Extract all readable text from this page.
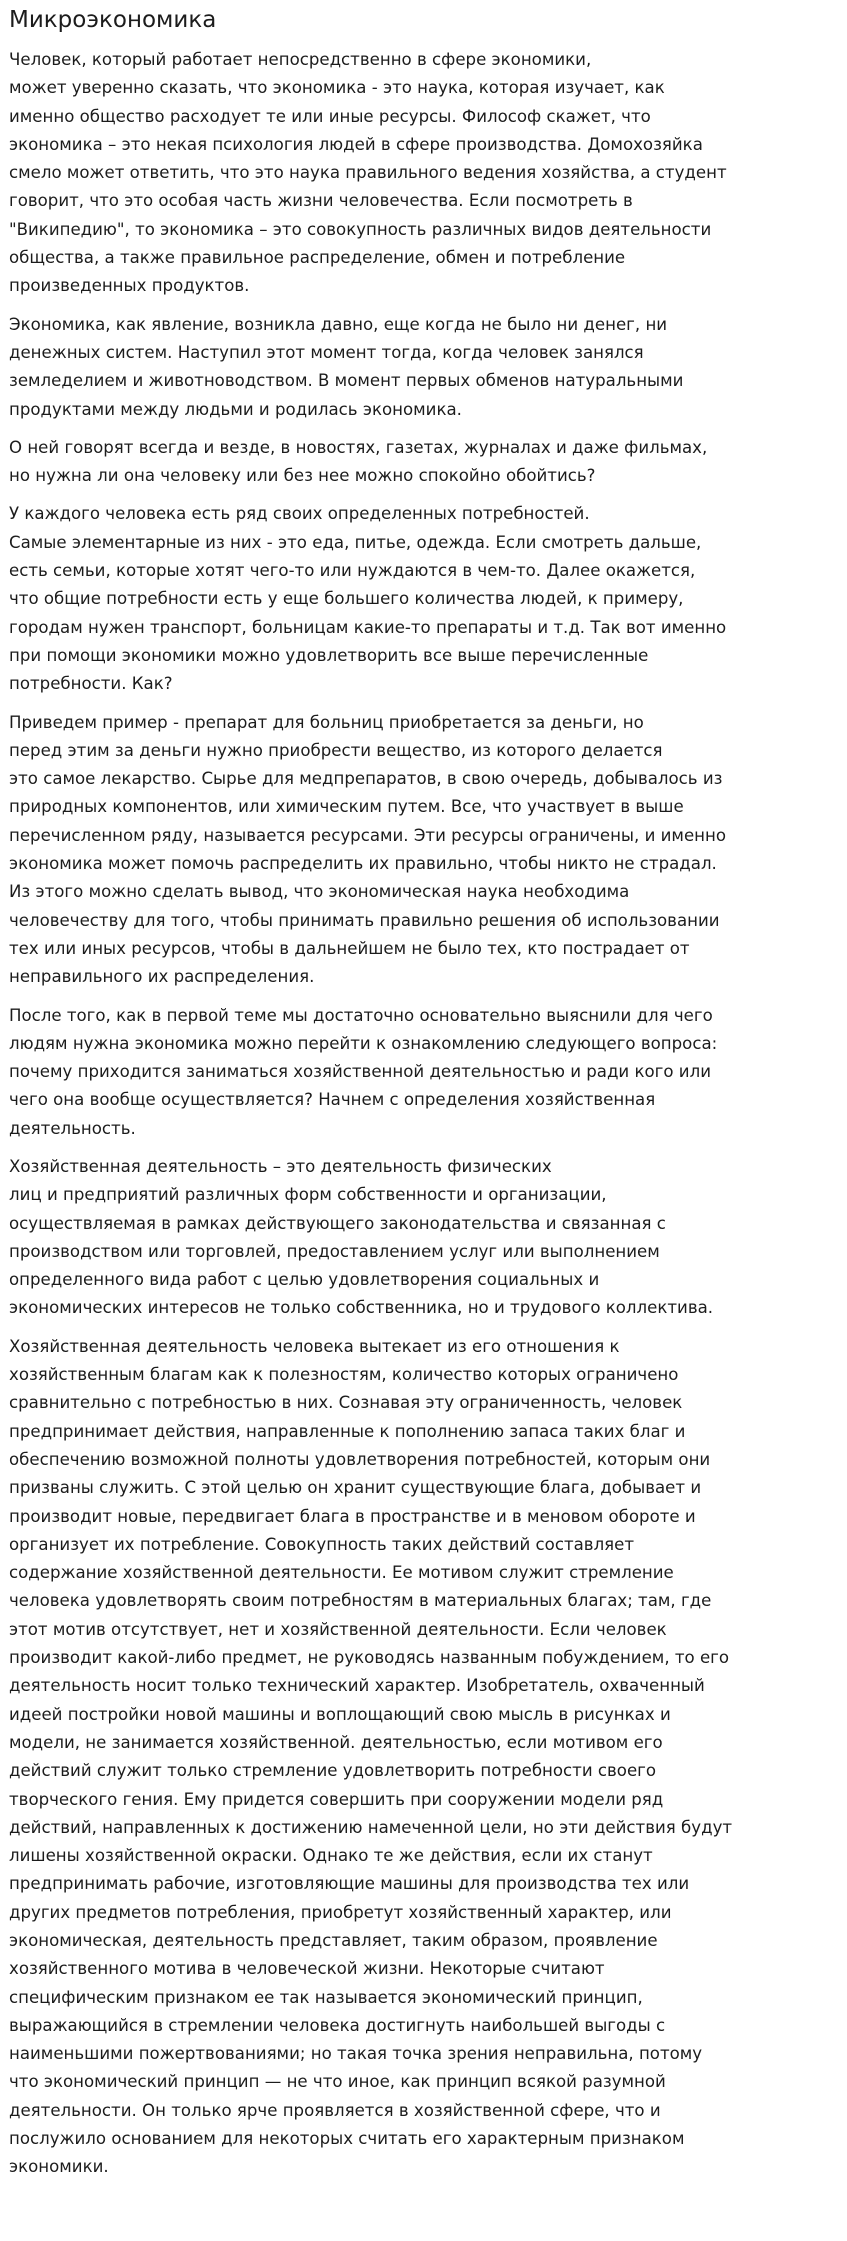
Микроэкономика

Человек, который работает непосредственно в сфере экономики,
может уверенно сказать, что экономика - это наука, которая изучает, как
именно общество расходует те или иные ресурсы. Философ скажет, что
экономика – это некая психология людей в сфере производства. Домохозяйка
смело может ответить, что это наука правильного ведения хозяйства, а студент
говорит, что это особая часть жизни человечества. Если посмотреть в
"Википедию", то экономика – это совокупность различных видов деятельности
общества, а также правильное распределение, обмен и потребление
произведенных продуктов.

Экономика, как явление, возникла давно, еще когда не было ни денег, ни
денежных систем. Наступил этот момент тогда, когда человек занялся
земледелием и животноводством. В момент первых обменов натуральными
продуктами между людьми и родилась экономика.

О ней говорят всегда и везде, в новостях, газетах, журналах и даже фильмах,
но нужна ли она человеку или без нее можно спокойно обойтись?

У каждого человека есть ряд своих определенных потребностей.
Самые элементарные из них - это еда, питье, одежда. Если смотреть дальше,
есть семьи, которые хотят чего-то или нуждаются в чем-то. Далее окажется,
что общие потребности есть у еще большего количества людей, к примеру,
городам нужен транспорт, больницам какие-то препараты и т.д. Так вот именно
при помощи экономики можно удовлетворить все выше перечисленные
потребности. Как?

Приведем пример - препарат для больниц приобретается за деньги, но
перед этим за деньги нужно приобрести вещество, из которого делается
это самое лекарство. Сырье для медпрепаратов, в свою очередь, добывалось из
природных компонентов, или химическим путем. Все, что участвует в выше
перечисленном ряду, называется ресурсами. Эти ресурсы ограничены, и именно
экономика может помочь распределить их правильно, чтобы никто не страдал.
Из этого можно сделать вывод, что экономическая наука необходима
человечеству для того, чтобы принимать правильно решения об использовании
тех или иных ресурсов, чтобы в дальнейшем не было тех, кто пострадает от
неправильного их распределения.

После того, как в первой теме мы достаточно основательно выяснили для чего
людям нужна экономика можно перейти к ознакомлению следующего вопроса:
почему приходится заниматься хозяйственной деятельностью и ради кого или
чего она вообще осуществляется? Начнем с определения хозяйственная
деятельность.

Хозяйственная деятельность – это деятельность физических
лиц и предприятий различных форм собственности и организации,
осуществляемая в рамках действующего законодательства и связанная с
производством или торговлей, предоставлением услуг или выполнением
определенного вида работ с целью удовлетворения социальных и
экономических интересов не только собственника, но и трудового коллектива.

Хозяйственная деятельность человека вытекает из его отношения к
хозяйственным благам как к полезностям, количество которых ограничено
сравнительно с потребностью в них. Сознавая эту ограниченность, человек
предпринимает действия, направленные к пополнению запаса таких благ и
обеспечению возможной полноты удовлетворения потребностей, которым они
призваны служить. С этой целью он хранит существующие блага, добывает и
производит новые, передвигает блага в пространстве и в меновом обороте и
организует их потребление. Совокупность таких действий составляет
содержание хозяйственной деятельности. Ее мотивом служит стремление
человека удовлетворять своим потребностям в материальных благах; там, где
этот мотив отсутствует, нет и хозяйственной деятельности. Если человек
производит какой-либо предмет, не руководясь названным побуждением, то его
деятельность носит только технический характер. Изобретатель, охваченный
идеей постройки новой машины и воплощающий свою мысль в рисунках и
модели, не занимается хозяйственной. деятельностью, если мотивом его
действий служит только стремление удовлетворить потребности своего
творческого гения. Ему придется совершить при сооружении модели ряд
действий, направленных к достижению намеченной цели, но эти действия будут
лишены хозяйственной окраски. Однако те же действия, если их станут
предпринимать рабочие, изготовляющие машины для производства тех или
других предметов потребления, приобретут хозяйственный характер, или
экономическая, деятельность представляет, таким образом, проявление
хозяйственного мотива в человеческой жизни. Некоторые считают
специфическим признаком ее так называется экономический принцип,
выражающийся в стремлении человека достигнуть наибольшей выгоды с
наименьшими пожертвованиями; но такая точка зрения неправильна, потому
что экономический принцип — не что иное, как принцип всякой разумной
деятельности. Он только ярче проявляется в хозяйственной сфере, что и
послужило основанием для некоторых считать его характерным признаком
экономики.
